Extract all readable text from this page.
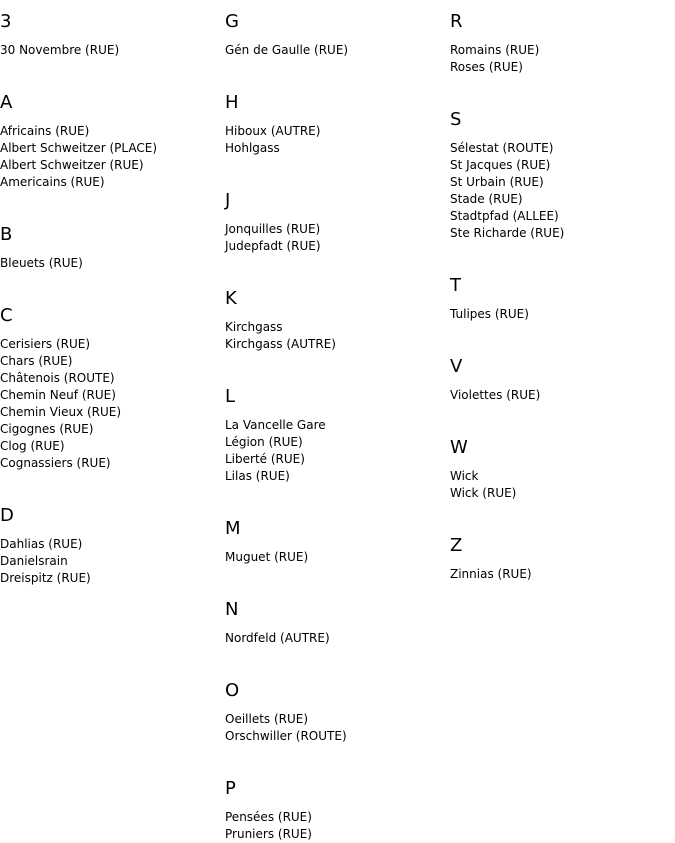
3
30 Novembre (RUE)
A
Africains (RUE)
Albert Schweitzer (PLACE)
Albert Schweitzer (RUE)
Americains (RUE)
B
Bleuets (RUE)
C
Cerisiers (RUE)
Chars (RUE)
Châtenois (ROUTE)
Chemin Neuf (RUE)
Chemin Vieux (RUE)
Cigognes (RUE)
Clog (RUE)
Cognassiers (RUE)
D
Dahlias (RUE)
Danielsrain
Dreispitz (RUE)
G
Gén de Gaulle (RUE)
H
Hiboux (AUTRE)
Hohlgass
J
Jonquilles (RUE)
Judepfadt (RUE)
K
Kirchgass
Kirchgass (AUTRE)
L
La Vancelle Gare
Légion (RUE)
Liberté (RUE)
Lilas (RUE)
M
Muguet (RUE)
N
Nordfeld (AUTRE)
O
Oeillets (RUE)
Orschwiller (ROUTE)
P
Pensées (RUE)
Pruniers (RUE)
R
Romains (RUE)
Roses (RUE)
S
Sélestat (ROUTE)
St Jacques (RUE)
St Urbain (RUE)
Stade (RUE)
Stadtpfad (ALLEE)
Ste Richarde (RUE)
T
Tulipes (RUE)
V
Violettes (RUE)
W
Wick
Wick (RUE)
Z
Zinnias (RUE)
